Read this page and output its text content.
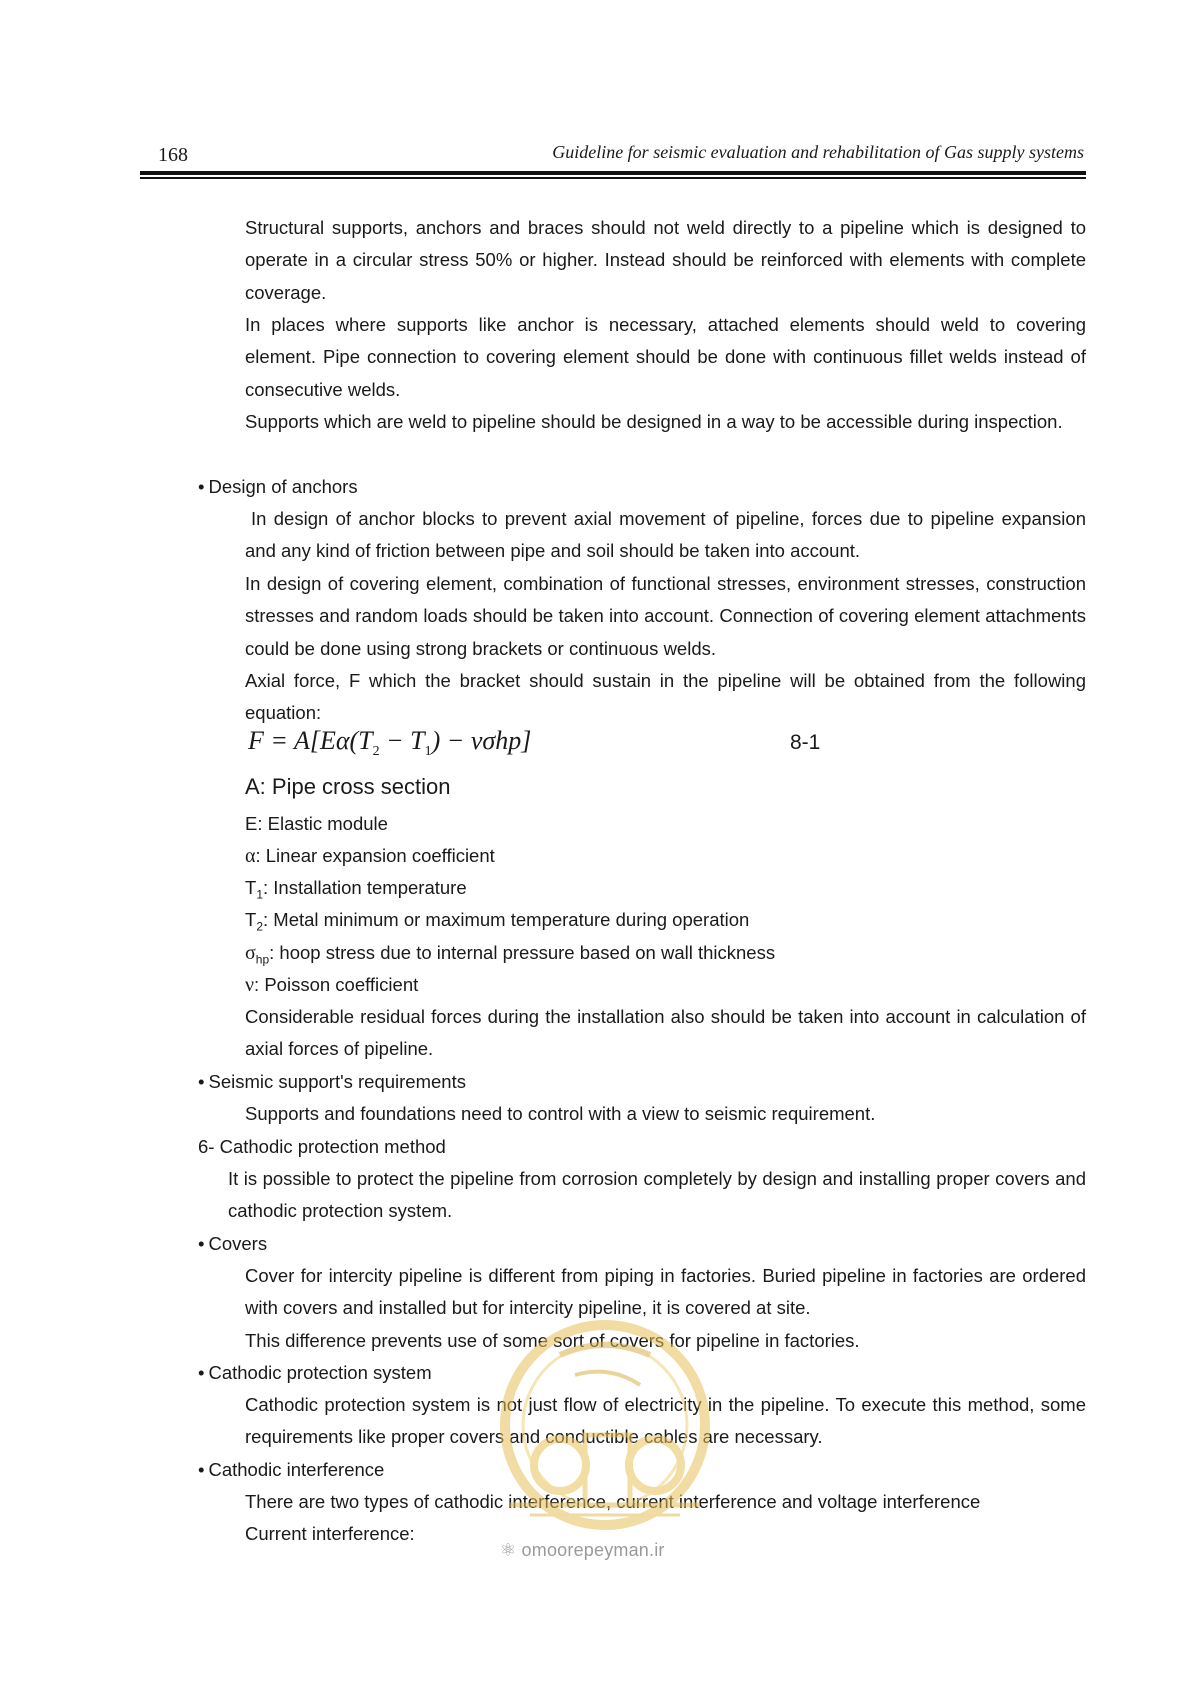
168	Guideline for seismic evaluation and rehabilitation of Gas supply systems
Structural supports, anchors and braces should not weld directly to a pipeline which is designed to operate in a circular stress 50% or higher. Instead should be reinforced with elements with complete coverage.
In places where supports like anchor is necessary, attached elements should weld to covering element. Pipe connection to covering element should be done with continuous fillet welds instead of consecutive welds.
Supports which are weld to pipeline should be designed in a way to be accessible during inspection.
• Design of anchors
In design of anchor blocks to prevent axial movement of pipeline, forces due to pipeline expansion and any kind of friction between pipe and soil should be taken into account.
In design of covering element, combination of functional stresses, environment stresses, construction stresses and random loads should be taken into account. Connection of covering element attachments could be done using strong brackets or continuous welds.
Axial force, F which the bracket should sustain in the pipeline will be obtained from the following equation:
$F = A[E\alpha(T_2 - T_1) - \nu\sigma hp]$	8-1
A: Pipe cross section
E: Elastic module
α: Linear expansion coefficient
$T_1$: Installation temperature
$T_2$: Metal minimum or maximum temperature during operation
$\sigma_{hp}$: hoop stress due to internal pressure based on wall thickness
ν: Poisson coefficient
Considerable residual forces during the installation also should be taken into account in calculation of axial forces of pipeline.
• Seismic support's requirements
Supports and foundations need to control with a view to seismic requirement.
6- Cathodic protection method
It is possible to protect the pipeline from corrosion completely by design and installing proper covers and cathodic protection system.
• Covers
Cover for intercity pipeline is different from piping in factories. Buried pipeline in factories are ordered with covers and installed but for intercity pipeline, it is covered at site.
This difference prevents use of some sort of covers for pipeline in factories.
• Cathodic protection system
Cathodic protection system is not just flow of electricity in the pipeline. To execute this method, some requirements like proper covers and conductible cables are necessary.
• Cathodic interference
There are two types of cathodic interference, current interference and voltage interference
Current interference:
⚛ omoorepeyman.ir
